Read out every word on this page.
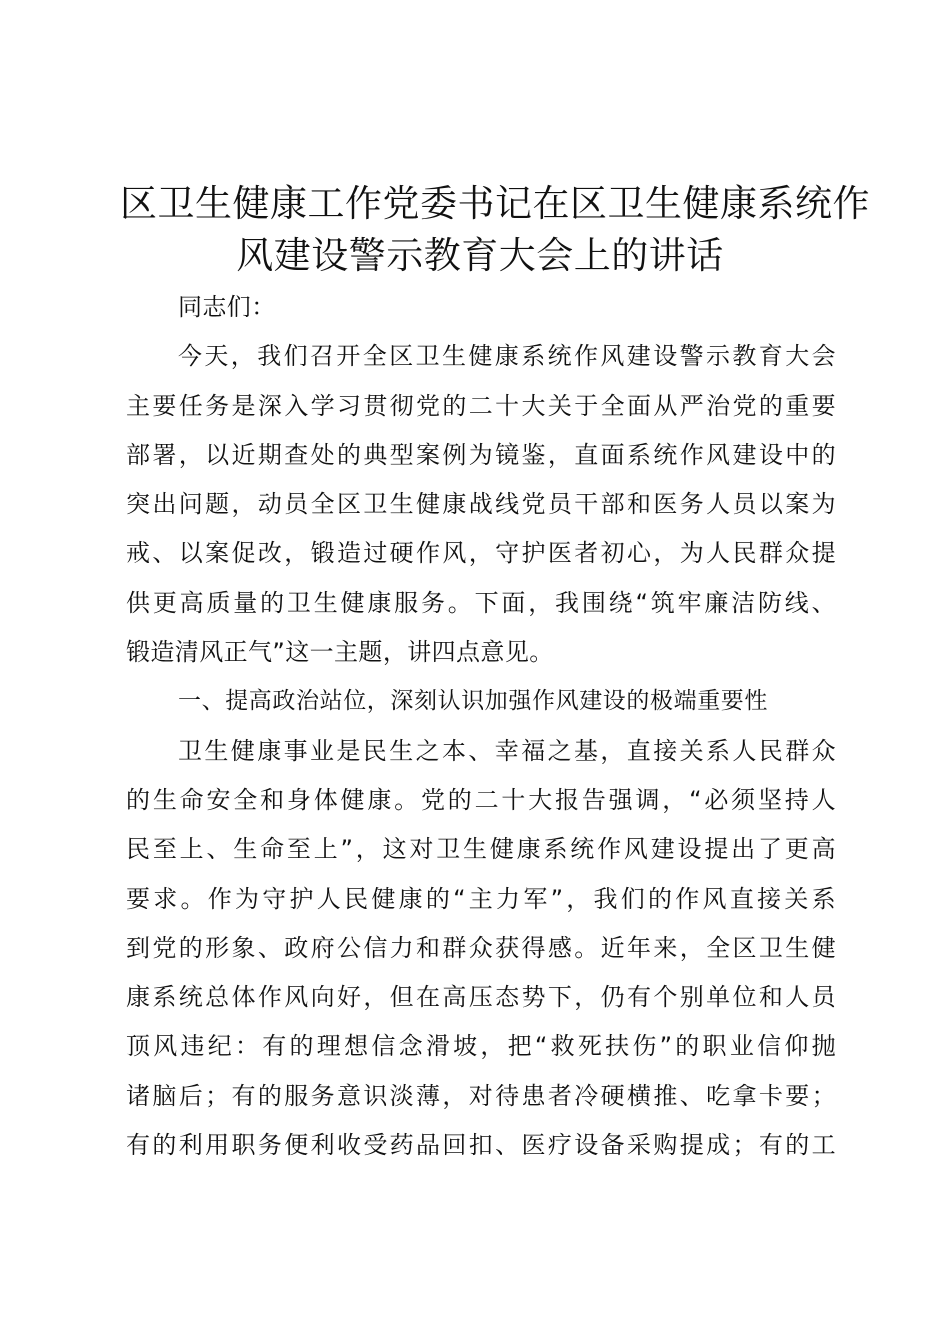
区卫生健康工作党委书记在区卫生健康系统作
风建设警示教育大会上的讲话
同志们：
今天，我们召开全区卫生健康系统作风建设警示教育大会
主要任务是深入学习贯彻党的二十大关于全面从严治党的重要
部署，以近期查处的典型案例为镜鉴，直面系统作风建设中的
突出问题，动员全区卫生健康战线党员干部和医务人员以案为
戒、以案促改，锻造过硬作风，守护医者初心，为人民群众提
供更高质量的卫生健康服务。下面，我围绕“筑牢廉洁防线、
锻造清风正气”这一主题，讲四点意见。
一、提高政治站位，深刻认识加强作风建设的极端重要性
卫生健康事业是民生之本、幸福之基，直接关系人民群众
的生命安全和身体健康。党的二十大报告强调，“必须坚持人
民至上、生命至上”，这对卫生健康系统作风建设提出了更高
要求。作为守护人民健康的“主力军”，我们的作风直接关系
到党的形象、政府公信力和群众获得感。近年来，全区卫生健
康系统总体作风向好，但在高压态势下，仍有个别单位和人员
顶风违纪：有的理想信念滑坡，把“救死扶伤”的职业信仰抛
诸脑后；有的服务意识淡薄，对待患者冷硬横推、吃拿卡要；
有的利用职务便利收受药品回扣、医疗设备采购提成；有的工
